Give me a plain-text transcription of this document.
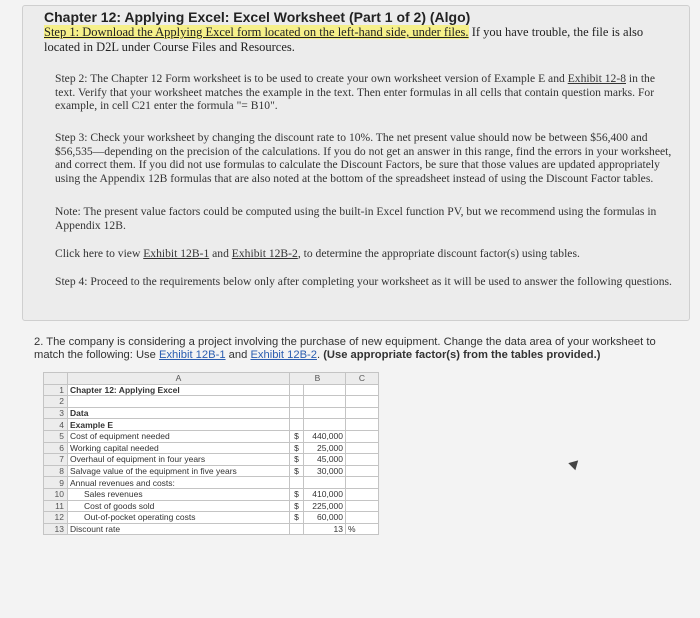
Chapter 12: Applying Excel: Excel Worksheet (Part 1 of 2) (Algo)
Step 1: Download the Applying Excel form located on the left-hand side, under files. If you have trouble, the file is also located in D2L under Course Files and Resources.
Step 2: The Chapter 12 Form worksheet is to be used to create your own worksheet version of Example E and Exhibit 12-8 in the text. Verify that your worksheet matches the example in the text. Then enter formulas in all cells that contain question marks. For example, in cell C21 enter the formula "= B10".
Step 3: Check your worksheet by changing the discount rate to 10%. The net present value should now be between $56,400 and $56,535—depending on the precision of the calculations. If you do not get an answer in this range, find the errors in your worksheet, and correct them. If you did not use formulas to calculate the Discount Factors, be sure that those values are updated appropriately using the Appendix 12B formulas that are also noted at the bottom of the spreadsheet instead of using the Discount Factor tables.
Note: The present value factors could be computed using the built-in Excel function PV, but we recommend using the formulas in Appendix 12B.
Click here to view Exhibit 12B-1 and Exhibit 12B-2, to determine the appropriate discount factor(s) using tables.
Step 4: Proceed to the requirements below only after completing your worksheet as it will be used to answer the following questions.
2. The company is considering a project involving the purchase of new equipment. Change the data area of your worksheet to match the following: Use Exhibit 12B-1 and Exhibit 12B-2. (Use appropriate factor(s) from the tables provided.)
	A	B		C
1	Chapter 12: Applying Excel			
2				
3	Data			
4	Example E			
5	Cost of equipment needed	$	440,000	
6	Working capital needed	$	25,000	
7	Overhaul of equipment in four years	$	45,000	
8	Salvage value of the equipment in five years	$	30,000	
9	Annual revenues and costs:			
10	Sales revenues	$	410,000	
11	Cost of goods sold	$	225,000	
12	Out-of-pocket operating costs	$	60,000	
13	Discount rate		13	%
